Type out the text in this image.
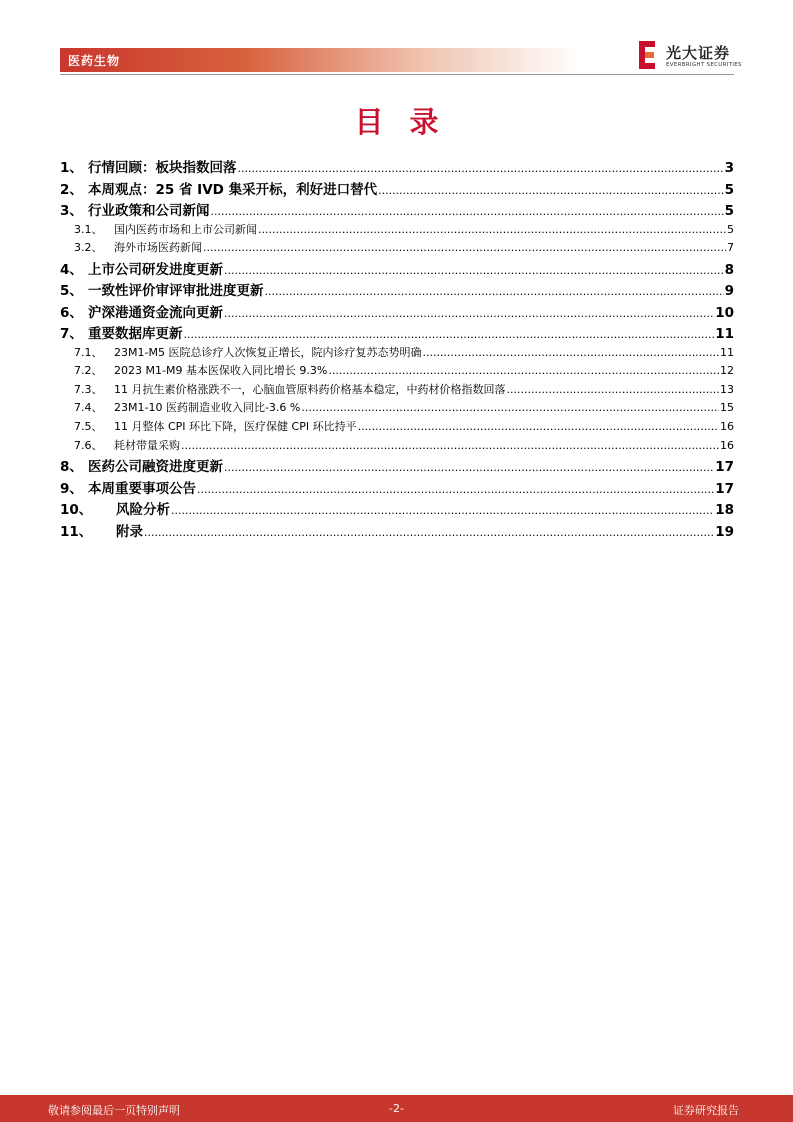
医药生物	光大证券
EVERBRIGHT SECURITIES
目录
1、 行情回顾：板块指数回落 .....	3
2、 本周观点：25 省 IVD 集采开标，利好进口替代 .....	5
3、 行业政策和公司新闻 .....	5
3.1、	国内医药市场和上市公司新闻 .....	5
3.2、	海外市场医药新闻 .....	7
4、 上市公司研发进度更新 .....	8
5、 一致性评价审评审批进度更新 .....	9
6、 沪深港通资金流向更新 .....	10
7、 重要数据库更新 .....	11
7.1、	23M1-M5 医院总诊疗人次恢复正增长，院内诊疗复苏态势明确 .....	11
7.2、	2023 M1-M9 基本医保收入同比增长 9.3% .....	12
7.3、	11 月抗生素价格涨跌不一，心脑血管原料药价格基本稳定，中药材价格指数回落 .....	13
7.4、	23M1-10 医药制造业收入同比-3.6 % .....	15
7.5、	11 月整体 CPI 环比下降，医疗保健 CPI 环比持平 .....	16
7.6、	耗材带量采购 .....	16
8、 医药公司融资进度更新 .....	17
9、 本周重要事项公告 .....	17
10、	风险分析 .....	18
11、	附录 .....	19
敬请参阅最后一页特别声明	-2-	证券研究报告
